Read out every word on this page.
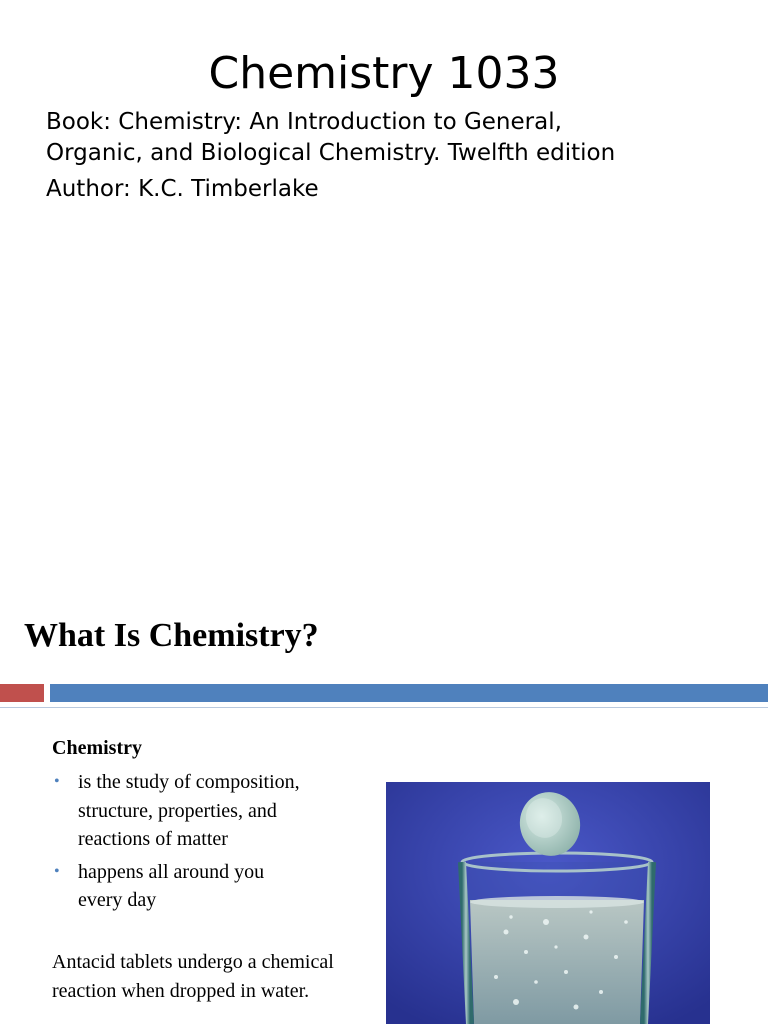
Chemistry 1033
Book: Chemistry: An Introduction to General,
Organic, and Biological Chemistry. Twelfth edition
Author: K.C. Timberlake
What Is Chemistry?
Chemistry
• is the study of composition,
structure, properties, and
reactions of matter
• happens all around you
every day
Antacid tablets undergo a chemical
reaction when dropped in water.
